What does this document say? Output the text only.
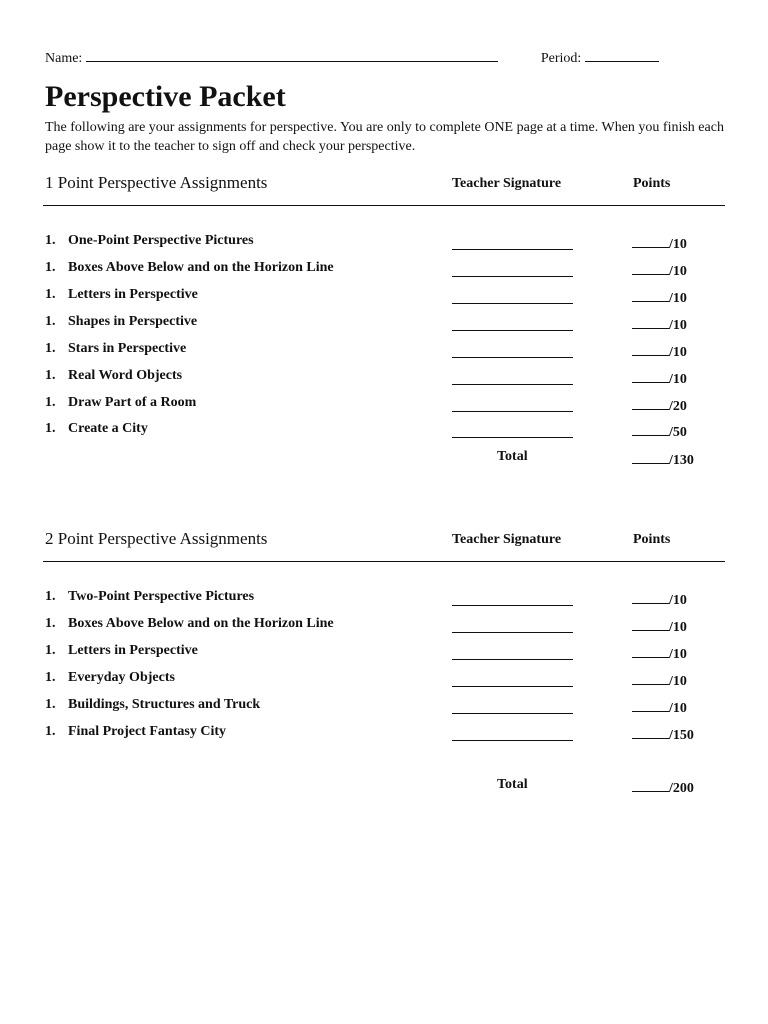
Name:	Period:
Perspective Packet
The following are your assignments for perspective. You are only to complete ONE page at a time. When you finish each page show it to the teacher to sign off and check your perspective.
1 Point Perspective Assignments	Teacher Signature	Points
1. One-Point Perspective Pictures	/10
1. Boxes Above Below and on the Horizon Line	/10
1. Letters in Perspective	/10
1. Shapes in Perspective	/10
1. Stars in Perspective	/10
1. Real Word Objects	/10
1. Draw Part of a Room	/20
1. Create a City	/50
Total	/130
2 Point Perspective Assignments	Teacher Signature	Points
1. Two-Point Perspective Pictures	/10
1. Boxes Above Below and on the Horizon Line	/10
1. Letters in Perspective	/10
1. Everyday Objects	/10
1. Buildings, Structures and Truck	/10
1. Final Project Fantasy City	/150
Total	/200
